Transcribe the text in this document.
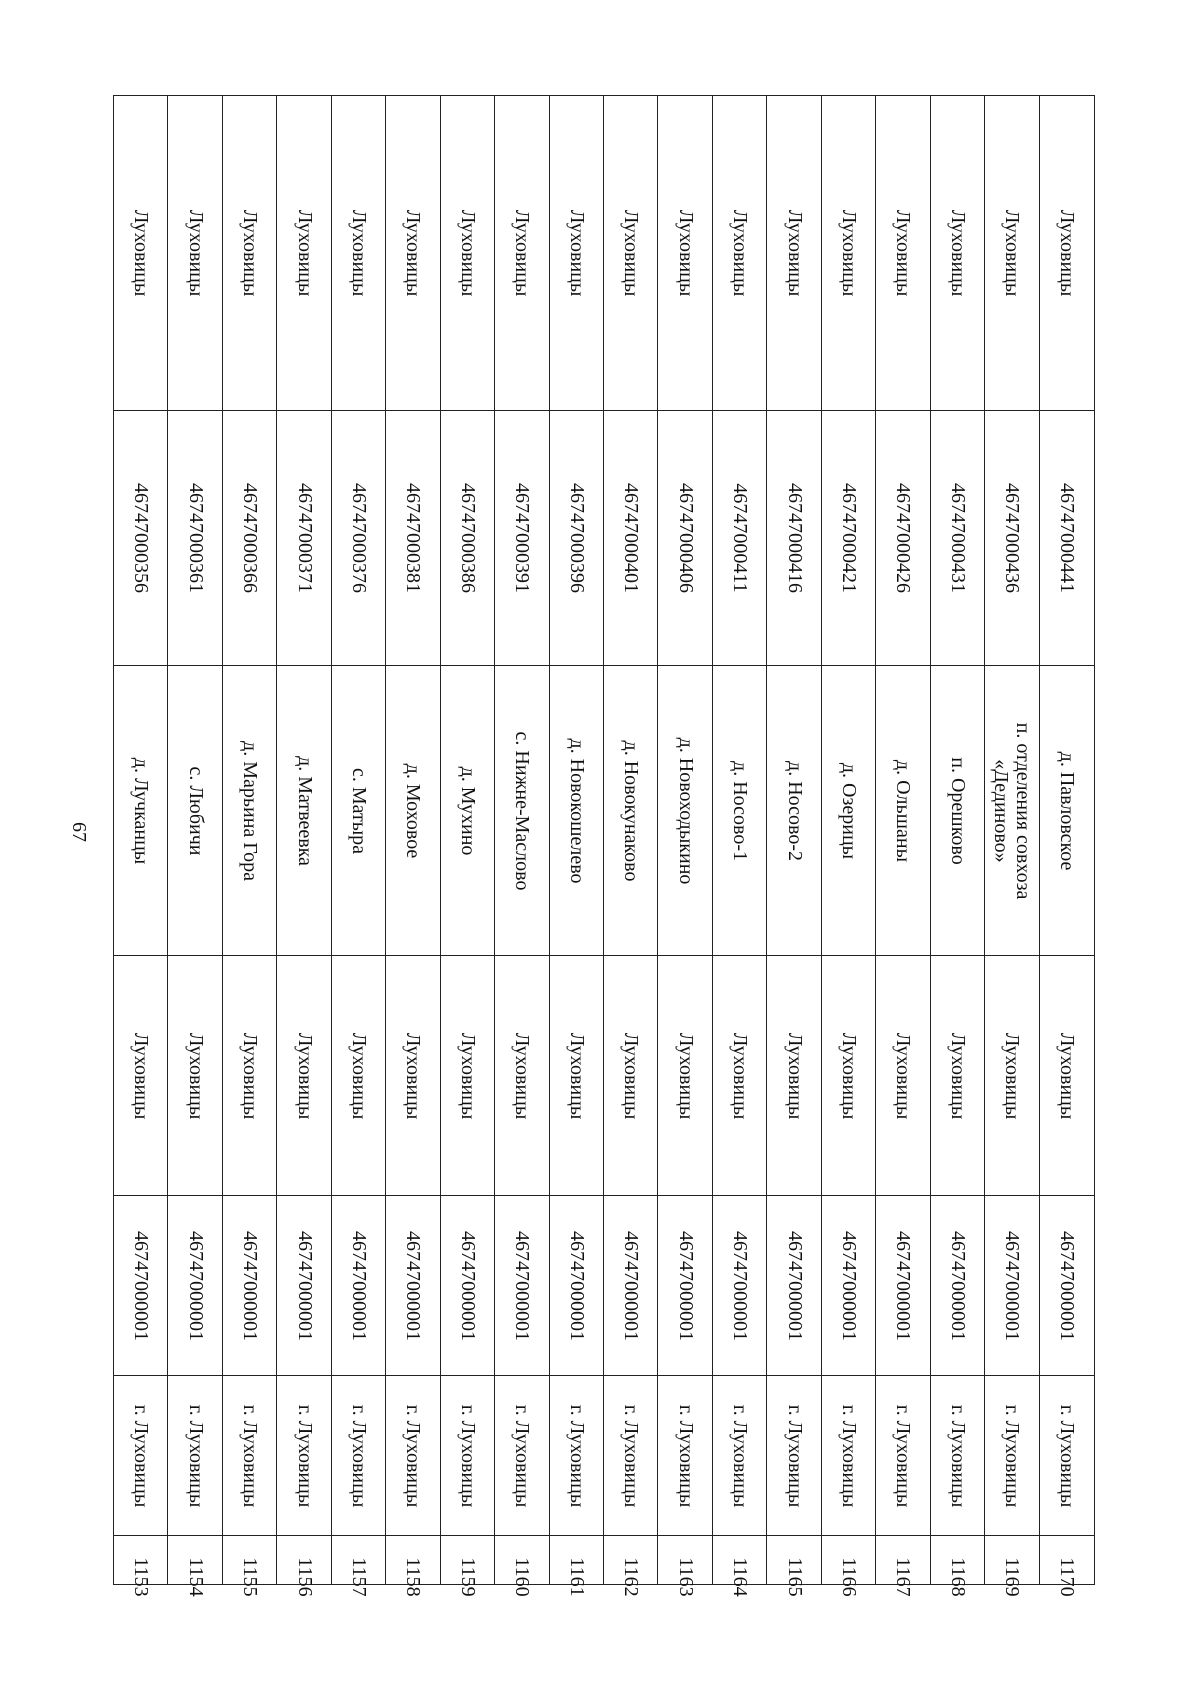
67
Луховицы
46747000356
д. Лучканцы
Луховицы
46747000001
г. Луховицы
1153
Луховицы
46747000361
с. Любичи
Луховицы
46747000001
г. Луховицы
1154
Луховицы
46747000366
д. Марьина Гора
Луховицы
46747000001
г. Луховицы
1155
Луховицы
46747000371
д. Матвеевка
Луховицы
46747000001
г. Луховицы
1156
Луховицы
46747000376
с. Матыра
Луховицы
46747000001
г. Луховицы
1157
Луховицы
46747000381
д. Моховое
Луховицы
46747000001
г. Луховицы
1158
Луховицы
46747000386
д. Мухино
Луховицы
46747000001
г. Луховицы
1159
Луховицы
46747000391
с. Нижне-Маслово
Луховицы
46747000001
г. Луховицы
1160
Луховицы
46747000396
д. Новокошелево
Луховицы
46747000001
г. Луховицы
1161
Луховицы
46747000401
д. Новокунаково
Луховицы
46747000001
г. Луховицы
1162
Луховицы
46747000406
д. Новоходыкино
Луховицы
46747000001
г. Луховицы
1163
Луховицы
46747000411
д. Носово-1
Луховицы
46747000001
г. Луховицы
1164
Луховицы
46747000416
д. Носово-2
Луховицы
46747000001
г. Луховицы
1165
Луховицы
46747000421
д. Озерицы
Луховицы
46747000001
г. Луховицы
1166
Луховицы
46747000426
д. Ольшаны
Луховицы
46747000001
г. Луховицы
1167
Луховицы
46747000431
п. Орешково
Луховицы
46747000001
г. Луховицы
1168
Луховицы
46747000436
п. отделения совхоза
«Дединово»
Луховицы
46747000001
г. Луховицы
1169
Луховицы
46747000441
д. Павловское
Луховицы
46747000001
г. Луховицы
1170
